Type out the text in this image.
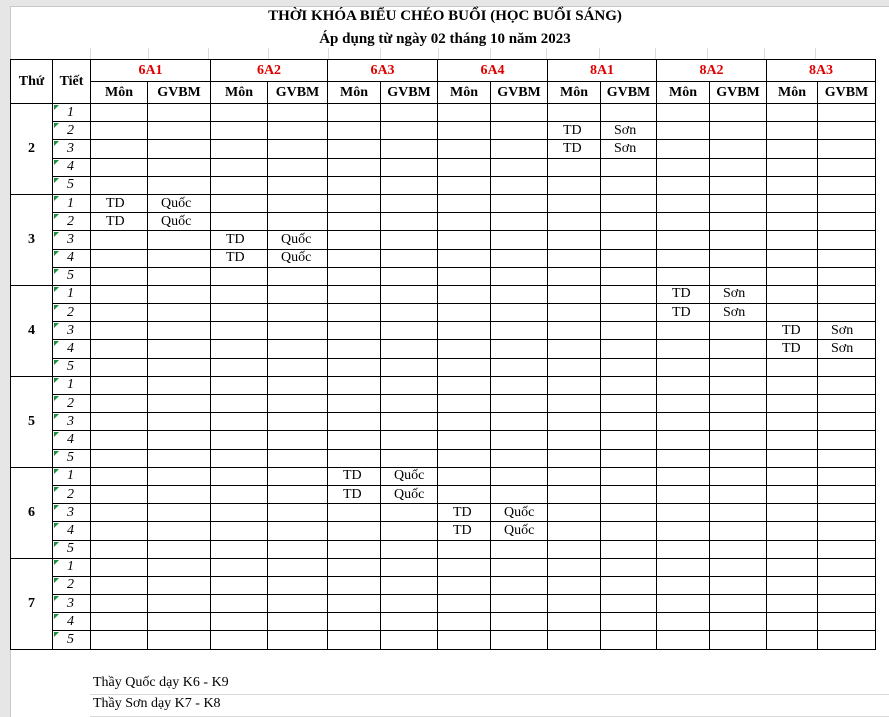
THỜI KHÓA BIỂU CHÉO BUỔI (HỌC BUỔI SÁNG)
Áp dụng từ ngày 02 tháng 10 năm 2023
Thứ	Tiết	6A1		6A2		6A3		6A4		8A1		8A2		8A3	
		Môn	GVBM	Môn	GVBM	Môn	GVBM	Môn	GVBM	Môn	GVBM	Môn	GVBM	Môn	GVBM
2	1														
	2									TD	Sơn				
	3									TD	Sơn				
	4														
	5														
3	1	TD	Quốc												
	2	TD	Quốc												
	3			TD	Quốc										
	4			TD	Quốc										
	5														
4	1											TD	Sơn		
	2											TD	Sơn		
	3													TD	Sơn
	4													TD	Sơn
	5														
5	1														
	2														
	3														
	4														
	5														
6	1					TD	Quốc								
	2					TD	Quốc								
	3							TD	Quốc						
	4							TD	Quốc						
	5														
7	1														
	2														
	3														
	4														
	5														
Thầy Quốc dạy K6 - K9
Thầy Sơn dạy K7 - K8
